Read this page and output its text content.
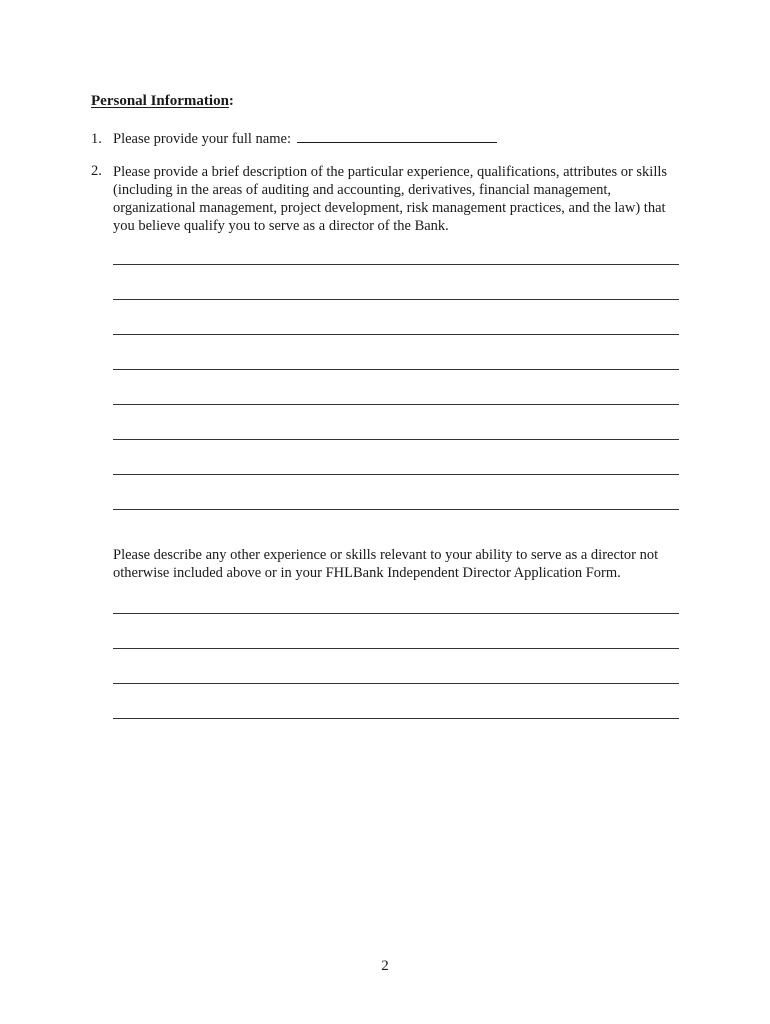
Personal Information:
1. Please provide your full name:
2. Please provide a brief description of the particular experience, qualifications, attributes or skills (including in the areas of auditing and accounting, derivatives, financial management, organizational management, project development, risk management practices, and the law) that you believe qualify you to serve as a director of the Bank.
Please describe any other experience or skills relevant to your ability to serve as a director not otherwise included above or in your FHLBank Independent Director Application Form.
2
